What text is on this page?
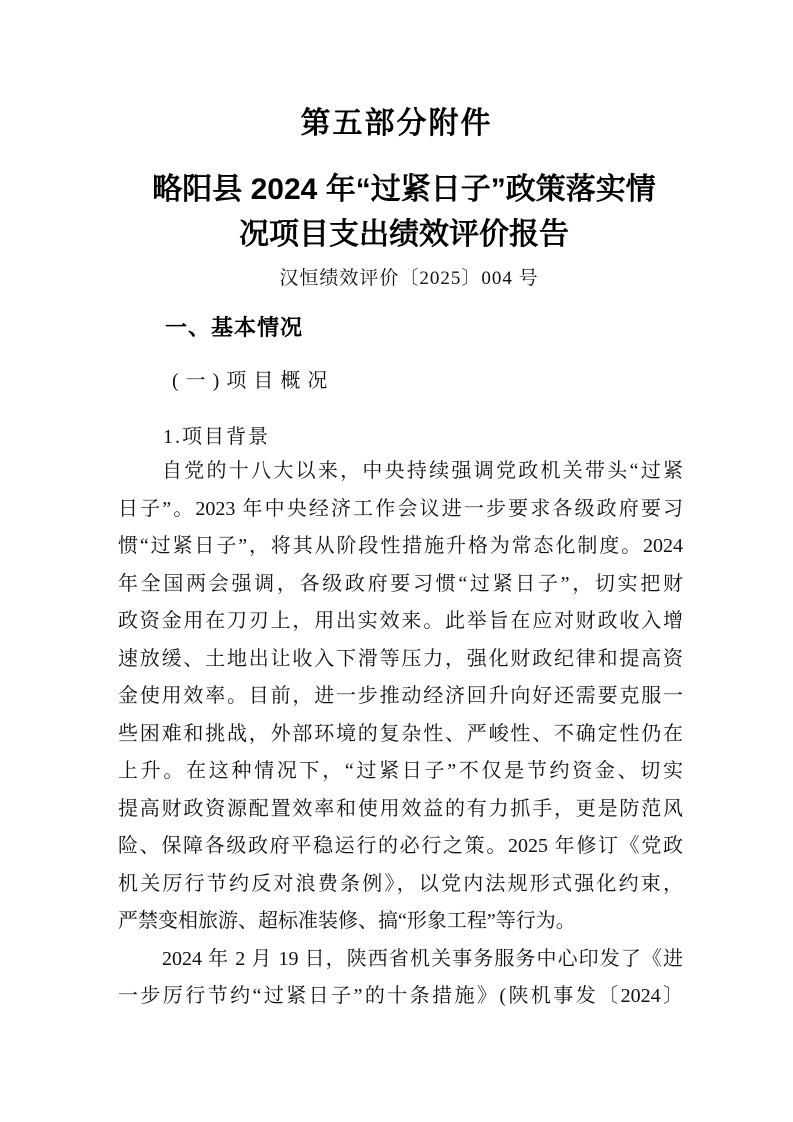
第五部分附件
略阳县 2024 年“过紧日子”政策落实情
况项目支出绩效评价报告
汉恒绩效评价〔2025〕004 号
一、基本情况
(一)项目概况
1.项目背景
自党的十八大以来，中央持续强调党政机关带头“过紧
日子”。2023 年中央经济工作会议进一步要求各级政府要习
惯“过紧日子”，将其从阶段性措施升格为常态化制度。2024
年全国两会强调，各级政府要习惯“过紧日子”，切实把财
政资金用在刀刃上，用出实效来。此举旨在应对财政收入增
速放缓、土地出让收入下滑等压力，强化财政纪律和提高资
金使用效率。目前，进一步推动经济回升向好还需要克服一
些困难和挑战，外部环境的复杂性、严峻性、不确定性仍在
上升。在这种情况下，“过紧日子”不仅是节约资金、切实
提高财政资源配置效率和使用效益的有力抓手，更是防范风
险、保障各级政府平稳运行的必行之策。2025 年修订《党政
机关厉行节约反对浪费条例》，以党内法规形式强化约束，
严禁变相旅游、超标准装修、搞“形象工程”等行为。
2024 年 2 月 19 日，陕西省机关事务服务中心印发了《进
一步厉行节约“过紧日子”的十条措施》(陕机事发〔2024〕
